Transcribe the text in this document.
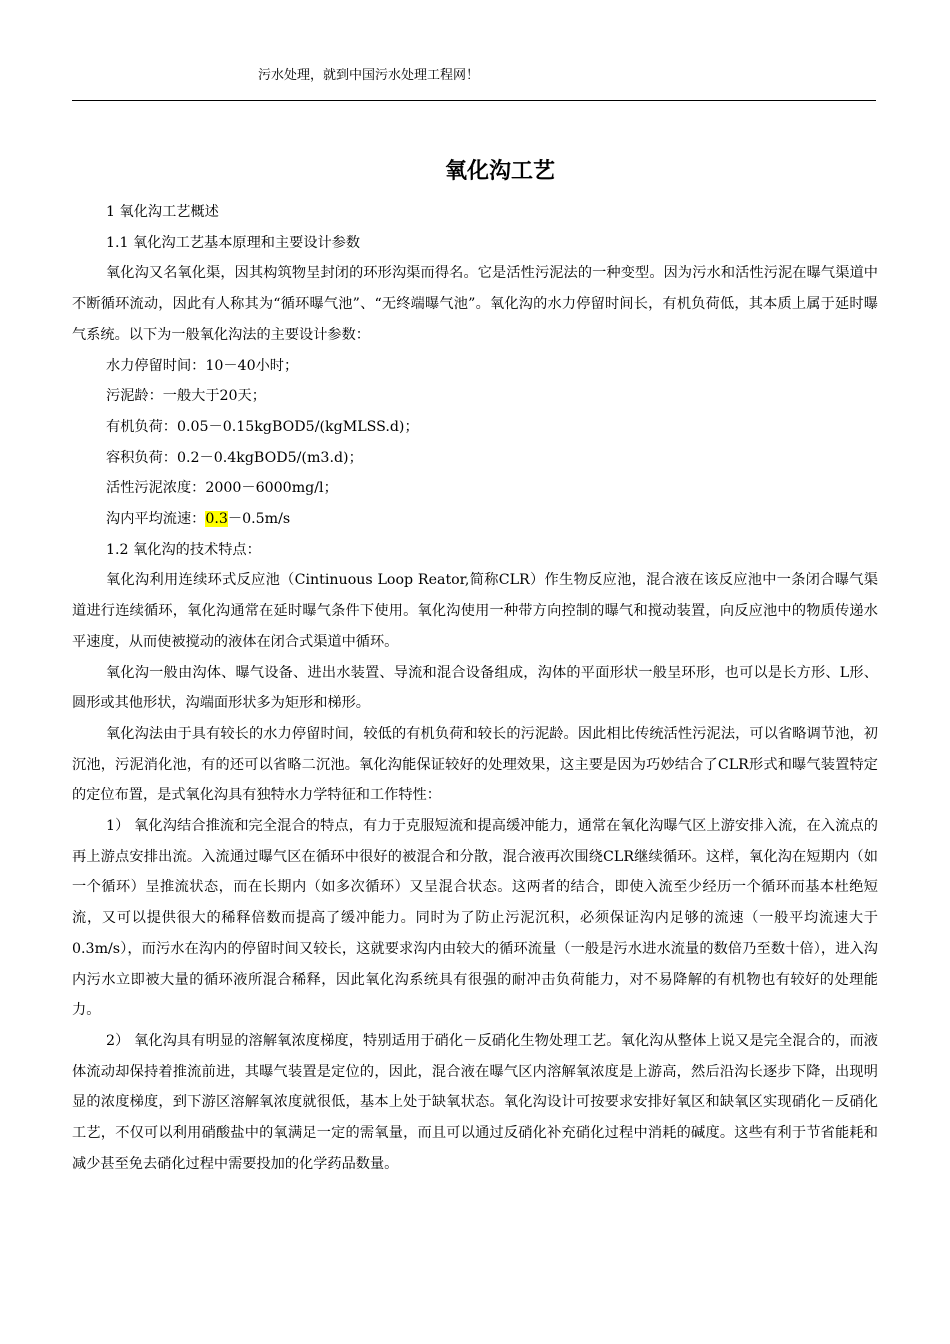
污水处理，就到中国污水处理工程网！
氧化沟工艺

1 氧化沟工艺概述

1.1 氧化沟工艺基本原理和主要设计参数

氧化沟又名氧化渠，因其构筑物呈封闭的环形沟渠而得名。它是活性污泥法的一种变型。因为污水和活性污泥在曝气渠道中不断循环流动，因此有人称其为“循环曝气池”、“无终端曝气池”。氧化沟的水力停留时间长，有机负荷低，其本质上属于延时曝气系统。以下为一般氧化沟法的主要设计参数：

水力停留时间：10－40小时；

污泥龄：一般大于20天；

有机负荷：0.05－0.15kgBOD5/(kgMLSS.d)；

容积负荷：0.2－0.4kgBOD5/(m3.d)；

活性污泥浓度：2000－6000mg/l；

沟内平均流速：0.3－0.5m/s

1.2 氧化沟的技术特点：

氧化沟利用连续环式反应池（Cintinuous Loop Reator,简称CLR）作生物反应池，混合液在该反应池中一条闭合曝气渠道进行连续循环，氧化沟通常在延时曝气条件下使用。氧化沟使用一种带方向控制的曝气和搅动装置，向反应池中的物质传递水平速度，从而使被搅动的液体在闭合式渠道中循环。

氧化沟一般由沟体、曝气设备、进出水装置、导流和混合设备组成，沟体的平面形状一般呈环形，也可以是长方形、L形、圆形或其他形状，沟端面形状多为矩形和梯形。

氧化沟法由于具有较长的水力停留时间，较低的有机负荷和较长的污泥龄。因此相比传统活性污泥法，可以省略调节池，初沉池，污泥消化池，有的还可以省略二沉池。氧化沟能保证较好的处理效果，这主要是因为巧妙结合了CLR形式和曝气装置特定的定位布置，是式氧化沟具有独特水力学特征和工作特性：

1） 氧化沟结合推流和完全混合的特点，有力于克服短流和提高缓冲能力，通常在氧化沟曝气区上游安排入流，在入流点的再上游点安排出流。入流通过曝气区在循环中很好的被混合和分散，混合液再次围绕CLR继续循环。这样，氧化沟在短期内（如一个循环）呈推流状态，而在长期内（如多次循环）又呈混合状态。这两者的结合，即使入流至少经历一个循环而基本杜绝短流，又可以提供很大的稀释倍数而提高了缓冲能力。同时为了防止污泥沉积，必须保证沟内足够的流速（一般平均流速大于0.3m/s），而污水在沟内的停留时间又较长，这就要求沟内由较大的循环流量（一般是污水进水流量的数倍乃至数十倍），进入沟内污水立即被大量的循环液所混合稀释，因此氧化沟系统具有很强的耐冲击负荷能力，对不易降解的有机物也有较好的处理能力。

2） 氧化沟具有明显的溶解氧浓度梯度，特别适用于硝化－反硝化生物处理工艺。氧化沟从整体上说又是完全混合的，而液体流动却保持着推流前进，其曝气装置是定位的，因此，混合液在曝气区内溶解氧浓度是上游高，然后沿沟长逐步下降，出现明显的浓度梯度，到下游区溶解氧浓度就很低，基本上处于缺氧状态。氧化沟设计可按要求安排好氧区和缺氧区实现硝化－反硝化工艺，不仅可以利用硝酸盐中的氧满足一定的需氧量，而且可以通过反硝化补充硝化过程中消耗的碱度。这些有利于节省能耗和减少甚至免去硝化过程中需要投加的化学药品数量。
